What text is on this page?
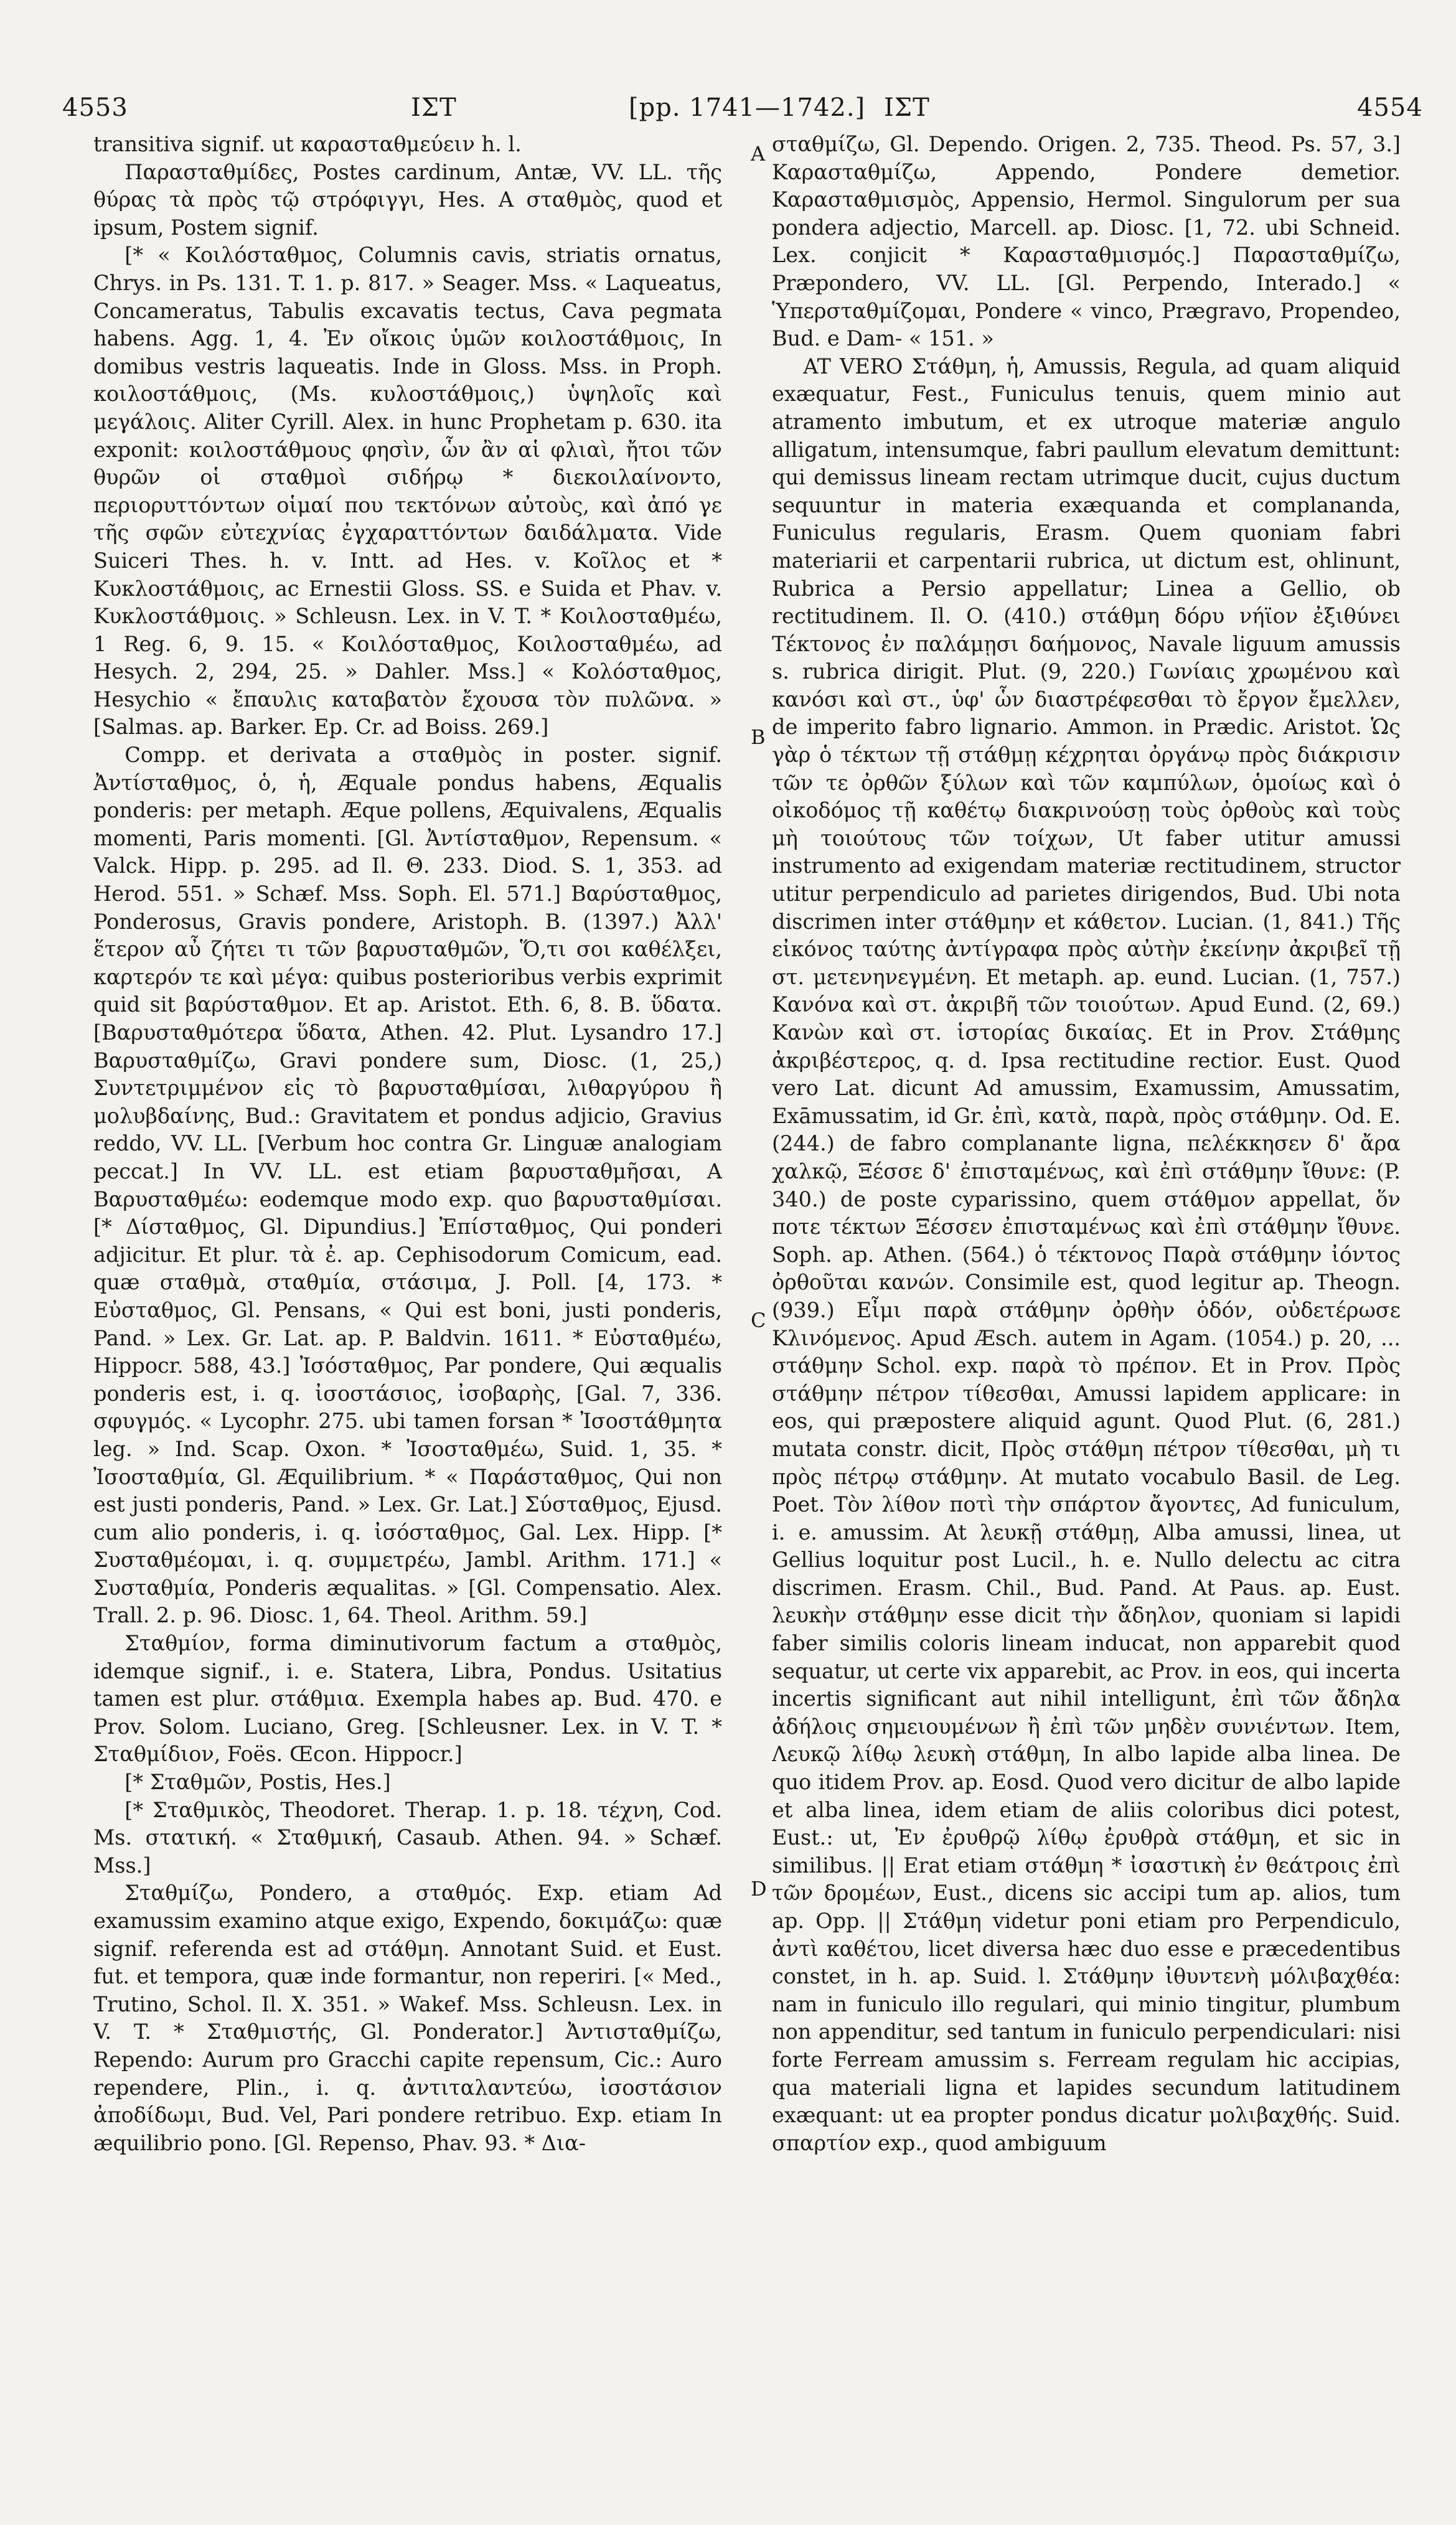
4553	ΙΣΤ	[pp. 1741—1742.] ΙΣΤ	4554

transitiva signif. ut καρασταθμεύειν h. l.

Παρασταθμίδες, Postes cardinum, Antæ, VV. LL. τῆς θύρας τὰ πρὸς τῷ στρόφιγγι, Hes. A σταθμὸς, quod et ipsum, Postem signif.

[* « Κοιλόσταθμος, Columnis cavis, striatis ornatus, Chrys. in Ps. 131. T. 1. p. 817. » Seager. Mss. « Laqueatus, Concameratus, Tabulis excavatis tectus, Cava pegmata habens. Agg. 1, 4. Ἐν οἴκοις ὑμῶν κοιλοστάθμοις, In domibus vestris laqueatis. Inde in Gloss. Mss. in Proph. κοιλοστάθμοις, (Ms. κυλοστάθμοις,) ὑψηλοῖς καὶ μεγάλοις. Aliter Cyrill. Alex. in hunc Prophetam p. 630. ita exponit: κοιλοστάθμους φησὶν, ὧν ἂν αἱ φλιαὶ, ἤτοι τῶν θυρῶν οἱ σταθμοὶ σιδήρῳ * διεκοιλαίνοντο, περιορυττόντων οἱμαί που τεκτόνων αὐτοὺς, καὶ ἀπό γε τῆς σφῶν εὐτεχνίας ἐγχαραττόντων δαιδάλματα. Vide Suiceri Thes. h. v. Intt. ad Hes. v. Κοῖλος et * Κυκλοστάθμοις, ac Ernestii Gloss. SS. e Suida et Phav. v. Κυκλοστάθμοις. » Schleusn. Lex. in V. T. * Κοιλοσταθμέω, 1 Reg. 6, 9. 15. « Κοιλόσταθμος, Κοιλοσταθμέω, ad Hesych. 2, 294, 25. » Dahler. Mss.] « Κολόσταθμος, Hesychio « ἔπαυλις καταβατὸν ἔχουσα τὸν πυλῶνα. » [Salmas. ap. Barker. Ep. Cr. ad Boiss. 269.]

Compp. et derivata a σταθμὸς in poster. signif. Ἀντίσταθμος, ὁ, ἡ, Æquale pondus habens, Æqualis ponderis: per metaph. Æque pollens, Æquivalens, Æqualis momenti, Paris momenti. [Gl. Ἀντίσταθμον, Repensum. « Valck. Hipp. p. 295. ad Il. Θ. 233. Diod. S. 1, 353. ad Herod. 551. » Schæf. Mss. Soph. El. 571.] Βαρύσταθμος, Ponderosus, Gravis pondere, Aristoph. B. (1397.) Ἀλλ' ἕτερον αὖ ζήτει τι τῶν βαρυσταθμῶν, Ὅ,τι σοι καθέλξει, καρτερόν τε καὶ μέγα: quibus posterioribus verbis exprimit quid sit βαρύσταθμον. Et ap. Aristot. Eth. 6, 8. B. ὕδατα. [Βαρυσταθμότερα ὕδατα, Athen. 42. Plut. Lysandro 17.] Βαρυσταθμίζω, Gravi pondere sum, Diosc. (1, 25,) Συντετριμμένον εἰς τὸ βαρυσταθμίσαι, λιθαργύρου ἢ μολυβδαίνης, Bud.: Gravitatem et pondus adjicio, Gravius reddo, VV. LL. [Verbum hoc contra Gr. Linguæ analogiam peccat.] In VV. LL. est etiam βαρυσταθμῆσαι, A Βαρυσταθμέω: eodemque modo exp. quo βαρυσταθμίσαι. [* Δίσταθμος, Gl. Dipundius.] Ἐπίσταθμος, Qui ponderi adjicitur. Et plur. τὰ ἐ. ap. Cephisodorum Comicum, ead. quæ σταθμὰ, σταθμία, στάσιμα, J. Poll. [4, 173. * Εὐσταθμος, Gl. Pensans, « Qui est boni, justi ponderis, Pand. » Lex. Gr. Lat. ap. P. Baldvin. 1611. * Εὐσταθμέω, Hippocr. 588, 43.] Ἰσόσταθμος, Par pondere, Qui æqualis ponderis est, i. q. ἰσοστάσιος, ἰσοβαρὴς, [Gal. 7, 336. σφυγμός. « Lycophr. 275. ubi tamen forsan * Ἰσοστάθμητα leg. » Ind. Scap. Oxon. * Ἰσοσταθμέω, Suid. 1, 35. * Ἰσοσταθμία, Gl. Æquilibrium. * « Παράσταθμος, Qui non est justi ponderis, Pand. » Lex. Gr. Lat.] Σύσταθμος, Ejusd. cum alio ponderis, i. q. ἰσόσταθμος, Gal. Lex. Hipp. [* Συσταθμέομαι, i. q. συμμετρέω, Jambl. Arithm. 171.] « Συσταθμία, Ponderis æqualitas. » [Gl. Compensatio. Alex. Trall. 2. p. 96. Diosc. 1, 64. Theol. Arithm. 59.]

Σταθμίον, forma diminutivorum factum a σταθμὸς, idemque signif., i. e. Statera, Libra, Pondus. Usitatius tamen est plur. στάθμια. Exempla habes ap. Bud. 470. e Prov. Solom. Luciano, Greg. [Schleusner. Lex. in V. T. * Σταθμίδιον, Foës. Œcon. Hippocr.]

[* Σταθμῶν, Postis, Hes.]

[* Σταθμικὸς, Theodoret. Therap. 1. p. 18. τέχνη, Cod. Ms. στατική. « Σταθμική, Casaub. Athen. 94. » Schæf. Mss.]

Σταθμίζω, Pondero, a σταθμός. Exp. etiam Ad examussim examino atque exigo, Expendo, δοκιμάζω: quæ signif. referenda est ad στάθμη. Annotant Suid. et Eust. fut. et tempora, quæ inde formantur, non reperiri. [« Med., Trutino, Schol. Il. X. 351. » Wakef. Mss. Schleusn. Lex. in V. T. * Σταθμιστής, Gl. Ponderator.] Ἀντισταθμίζω, Rependo: Aurum pro Gracchi capite repensum, Cic.: Auro rependere, Plin., i. q. ἀντιταλαντεύω, ἰσοστάσιον ἀποδίδωμι, Bud. Vel, Pari pondere retribuo. Exp. etiam In æquilibrio pono. [Gl. Repenso, Phav. 93. * Δια-

A
B
C
D

σταθμίζω, Gl. Dependo. Origen. 2, 735. Theod. Ps. 57, 3.] Καρασταθμίζω, Appendo, Pondere demetior. Καρασταθμισμὸς, Appensio, Hermol. Singulorum per sua pondera adjectio, Marcell. ap. Diosc. [1, 72. ubi Schneid. Lex. conjicit * Καρασταθμισμός.] Παρασταθμίζω, Præpondero, VV. LL. [Gl. Perpendo, Interado.] « Ὑπερσταθμίζομαι, Pondere « vinco, Prægravo, Propendeo, Bud. e Dam- « 151. »

AT VERO Στάθμη, ἡ, Amussis, Regula, ad quam aliquid exæquatur, Fest., Funiculus tenuis, quem minio aut atramento imbutum, et ex utroque materiæ angulo alligatum, intensumque, fabri paullum elevatum demittunt: qui demissus lineam rectam utrimque ducit, cujus ductum sequuntur in materia exæquanda et complananda, Funiculus regularis, Erasm. Quem quoniam fabri materiarii et carpentarii rubrica, ut dictum est, ohlinunt, Rubrica a Persio appellatur; Linea a Gellio, ob rectitudinem. Il. O. (410.) στάθμη δόρυ νήϊον ἐξιθύνει Τέκτονος ἐν παλάμῃσι δαήμονος, Navale liguum amussis s. rubrica dirigit. Plut. (9, 220.) Γωνίαις χρωμένου καὶ κανόσι καὶ στ., ὑφ' ὧν διαστρέφεσθαι τὸ ἔργον ἔμελλεν, de imperito fabro lignario. Ammon. in Prædic. Aristot. Ὡς γὰρ ὁ τέκτων τῇ στάθμῃ κέχρηται ὀργάνῳ πρὸς διάκρισιν τῶν τε ὀρθῶν ξύλων καὶ τῶν καμπύλων, ὁμοίως καὶ ὁ οἰκοδόμος τῇ καθέτῳ διακρινούσῃ τοὺς ὀρθοὺς καὶ τοὺς μὴ τοιούτους τῶν τοίχων, Ut faber utitur amussi instrumento ad exigendam materiæ rectitudinem, structor utitur perpendiculo ad parietes dirigendos, Bud. Ubi nota discrimen inter στάθμην et κάθετον. Lucian. (1, 841.) Τῆς εἰκόνος ταύτης ἀντίγραφα πρὸς αὐτὴν ἐκείνην ἀκριβεῖ τῇ στ. μετενηνεγμένη. Et metaph. ap. eund. Lucian. (1, 757.) Κανόνα καὶ στ. ἀκριβῆ τῶν τοιούτων. Apud Eund. (2, 69.) Κανὼν καὶ στ. ἱστορίας δικαίας. Et in Prov. Στάθμης ἀκριβέστερος, q. d. Ipsa rectitudine rectior. Eust. Quod vero Lat. dicunt Ad amussim, Examussim, Amussatim, Exāmussatim, id Gr. ἐπὶ, κατὰ, παρὰ, πρὸς στάθμην. Od. E. (244.) de fabro complanante ligna, πελέκκησεν δ' ἄρα χαλκῷ, Ξέσσε δ' ἐπισταμένως, καὶ ἐπὶ στάθμην ἴθυνε: (P. 340.) de poste cyparissino, quem στάθμον appellat, ὅν ποτε τέκτων Ξέσσεν ἐπισταμένως καὶ ἐπὶ στάθμην ἴθυνε. Soph. ap. Athen. (564.) ὁ τέκτονος Παρὰ στάθμην ἰόντος ὀρθοῦται κανών. Consimile est, quod legitur ap. Theogn. (939.) Εἶμι παρὰ στάθμην ὀρθὴν ὁδόν, οὐδετέρωσε Κλινόμενος. Apud Æsch. autem in Agam. (1054.) p. 20, ... στάθμην Schol. exp. παρὰ τὸ πρέπον. Et in Prov. Πρὸς στάθμην πέτρον τίθεσθαι, Amussi lapidem applicare: in eos, qui præpostere aliquid agunt. Quod Plut. (6, 281.) mutata constr. dicit, Πρὸς στάθμη πέτρον τίθεσθαι, μὴ τι πρὸς πέτρῳ στάθμην. At mutato vocabulo Basil. de Leg. Poet. Τὸν λίθον ποτὶ τὴν σπάρτον ἄγοντες, Ad funiculum, i. e. amussim. At λευκῇ στάθμῃ, Alba amussi, linea, ut Gellius loquitur post Lucil., h. e. Nullo delectu ac citra discrimen. Erasm. Chil., Bud. Pand. At Paus. ap. Eust. λευκὴν στάθμην esse dicit τὴν ἄδηλον, quoniam si lapidi faber similis coloris lineam inducat, non apparebit quod sequatur, ut certe vix apparebit, ac Prov. in eos, qui incerta incertis significant aut nihil intelligunt, ἐπὶ τῶν ἄδηλα ἀδήλοις σημειουμένων ἢ ἐπὶ τῶν μηδὲν συνιέντων. Item, Λευκῷ λίθῳ λευκὴ στάθμη, In albo lapide alba linea. De quo itidem Prov. ap. Eosd. Quod vero dicitur de albo lapide et alba linea, idem etiam de aliis coloribus dici potest, Eust.: ut, Ἐν ἐρυθρῷ λίθῳ ἐρυθρὰ στάθμη, et sic in similibus. || Erat etiam στάθμη * ἰσαστικὴ ἐν θεάτροις ἐπὶ τῶν δρομέων, Eust., dicens sic accipi tum ap. alios, tum ap. Opp. || Στάθμη videtur poni etiam pro Perpendiculo, ἀντὶ καθέτου, licet diversa hæc duo esse e præcedentibus constet, in h. ap. Suid. l. Στάθμην ἰθυντενὴ μόλιβαχθέα: nam in funiculo illo regulari, qui minio tingitur, plumbum non appenditur, sed tantum in funiculo perpendiculari: nisi forte Ferream amussim s. Ferream regulam hic accipias, qua materiali ligna et lapides secundum latitudinem exæquant: ut ea propter pondus dicatur μολιβαχθής. Suid. σπαρτίον exp., quod ambiguum
